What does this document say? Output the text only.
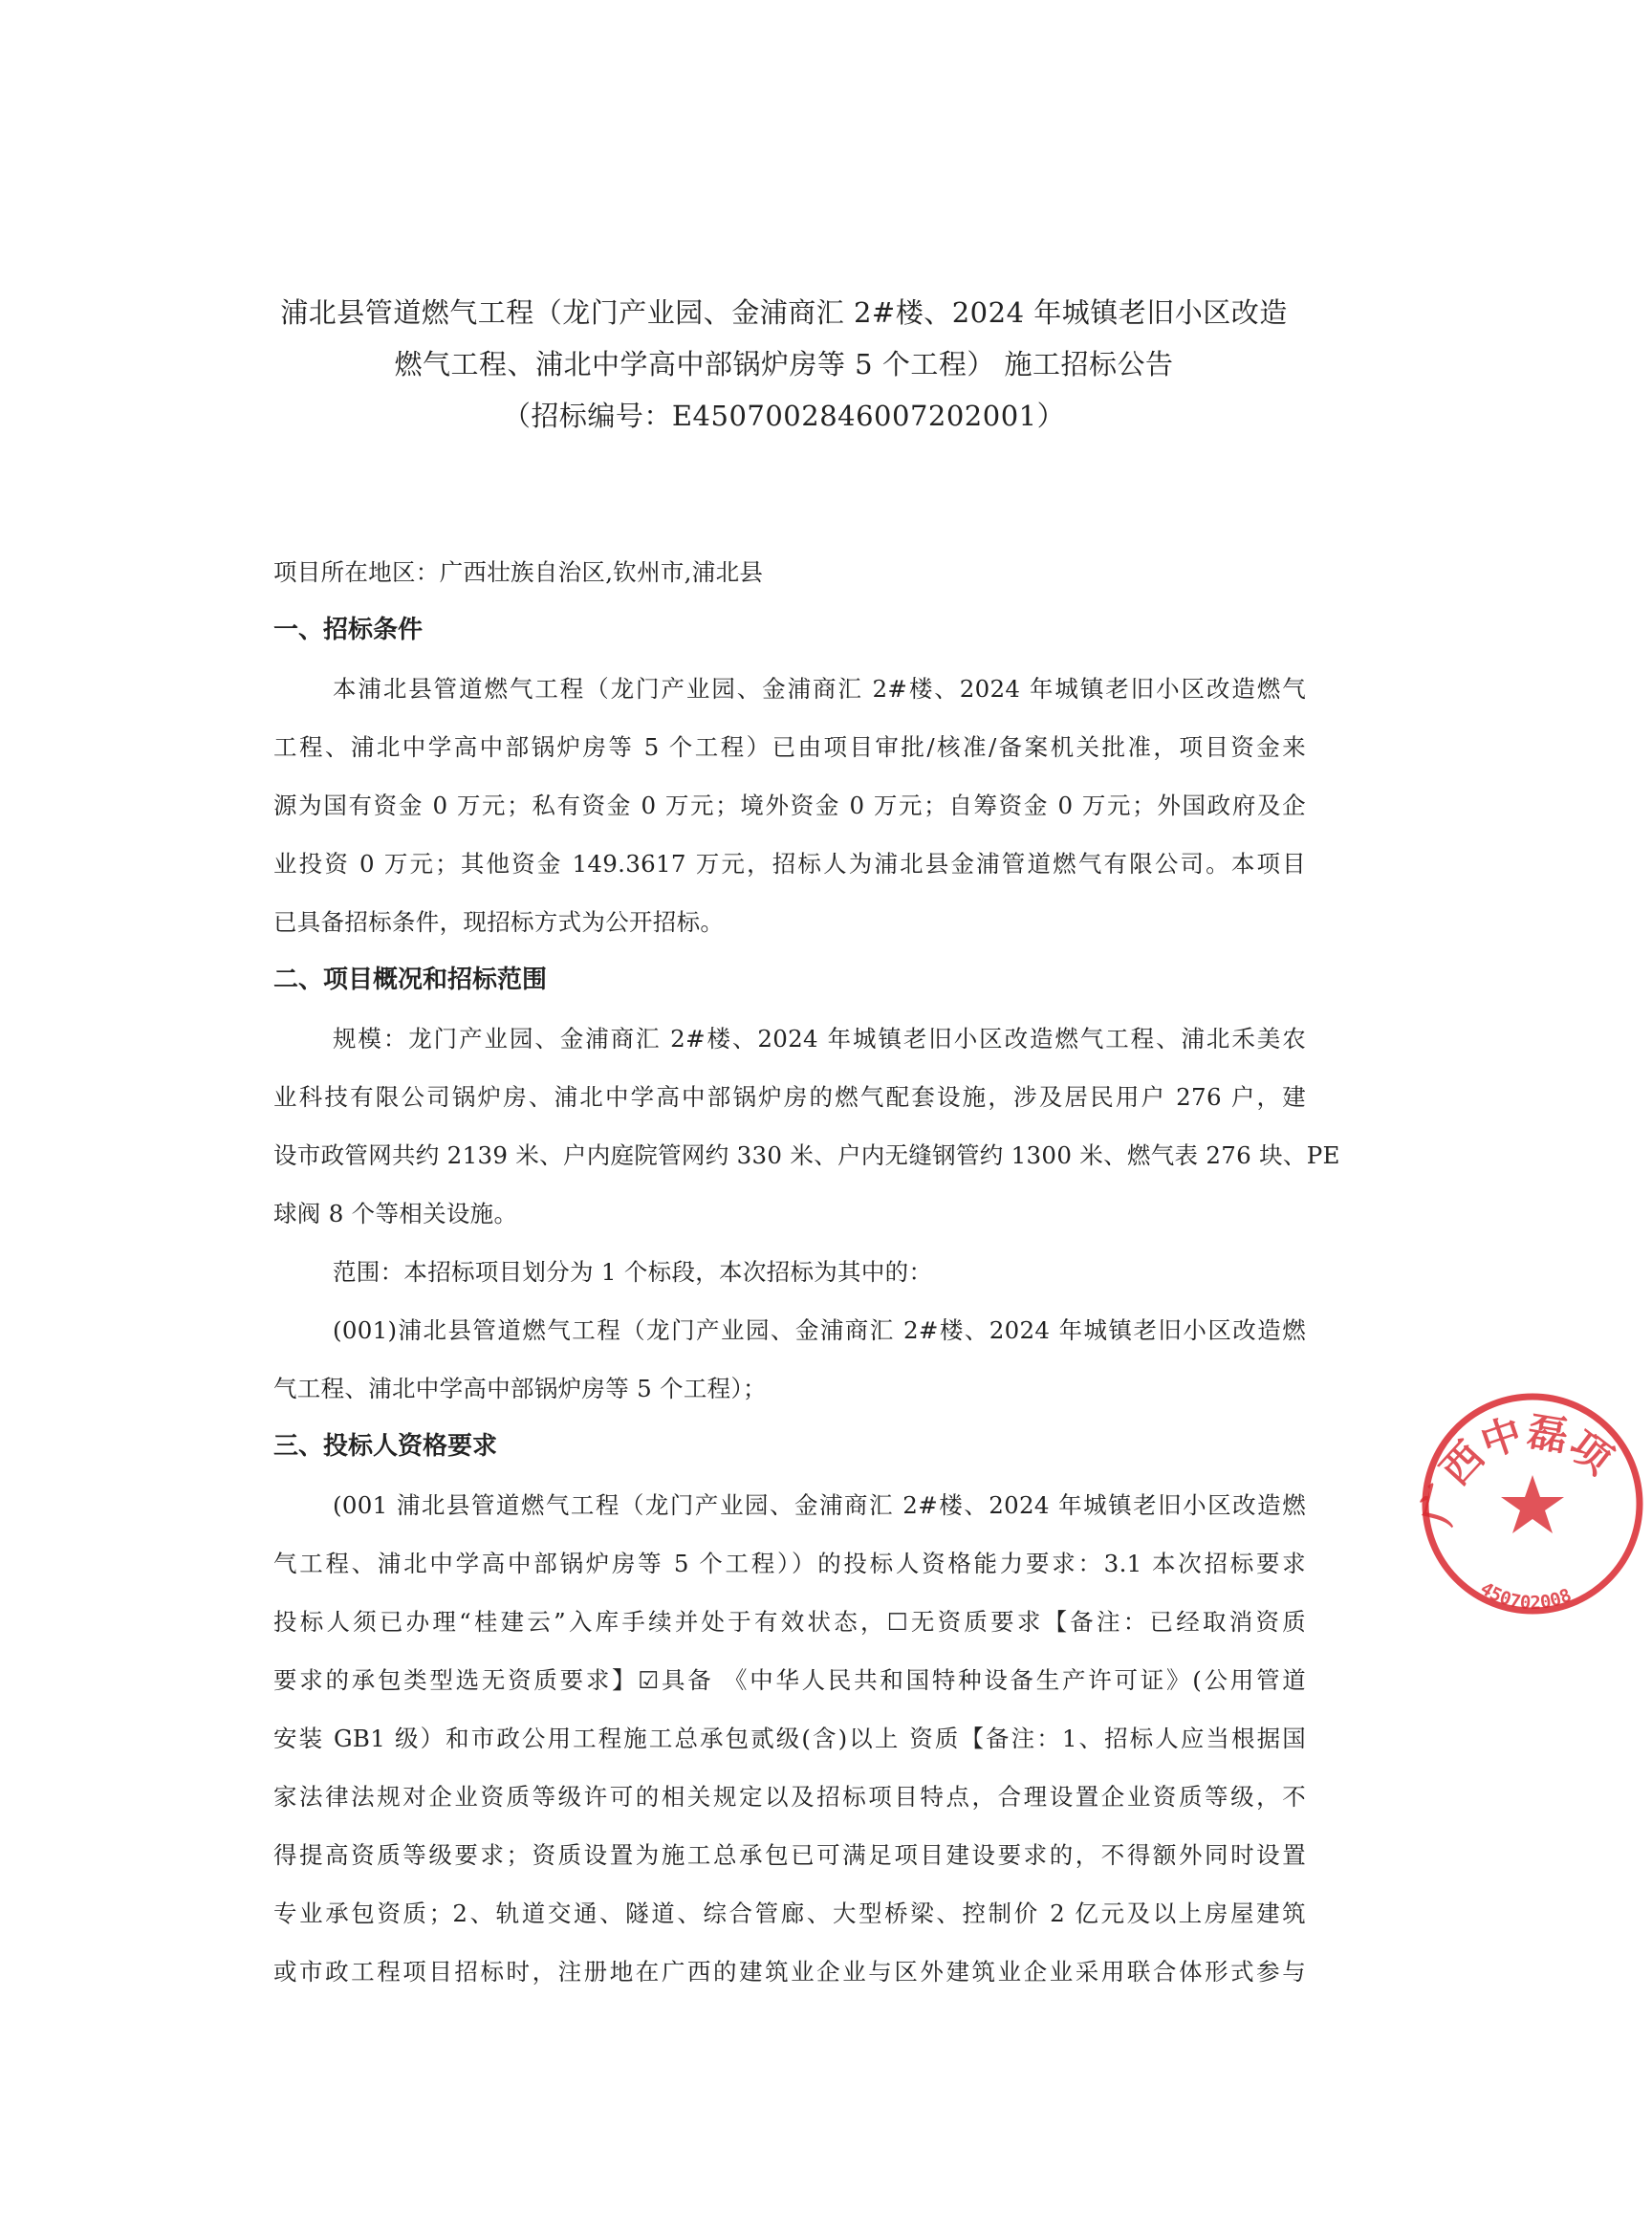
浦北县管道燃气工程（龙门产业园、金浦商汇 2#楼、2024 年城镇老旧小区改造
燃气工程、浦北中学高中部锅炉房等 5 个工程） 施工招标公告
（招标编号：E4507002846007202001）
项目所在地区：广西壮族自治区,钦州市,浦北县
一、招标条件
本浦北县管道燃气工程（龙门产业园、金浦商汇 2#楼、2024 年城镇老旧小区改造燃气
工程、浦北中学高中部锅炉房等 5 个工程）已由项目审批/核准/备案机关批准，项目资金来
源为国有资金 0 万元；私有资金 0 万元；境外资金 0 万元；自筹资金 0 万元；外国政府及企
业投资 0 万元；其他资金 149.3617 万元，招标人为浦北县金浦管道燃气有限公司。本项目
已具备招标条件，现招标方式为公开招标。
二、项目概况和招标范围
规模：龙门产业园、金浦商汇 2#楼、2024 年城镇老旧小区改造燃气工程、浦北禾美农
业科技有限公司锅炉房、浦北中学高中部锅炉房的燃气配套设施，涉及居民用户 276 户，建
设市政管网共约 2139 米、户内庭院管网约 330 米、户内无缝钢管约 1300 米、燃气表 276 块、PE
球阀 8 个等相关设施。
范围：本招标项目划分为 1 个标段，本次招标为其中的：
(001)浦北县管道燃气工程（龙门产业园、金浦商汇 2#楼、2024 年城镇老旧小区改造燃
气工程、浦北中学高中部锅炉房等 5 个工程）；
三、投标人资格要求
(001 浦北县管道燃气工程（龙门产业园、金浦商汇 2#楼、2024 年城镇老旧小区改造燃
气工程、浦北中学高中部锅炉房等 5 个工程））的投标人资格能力要求：3.1 本次招标要求
投标人须已办理“桂建云”入库手续并处于有效状态，☐无资质要求【备注：已经取消资质
要求的承包类型选无资质要求】☑具备 《中华人民共和国特种设备生产许可证》(公用管道
安装 GB1 级）和市政公用工程施工总承包贰级(含)以上 资质【备注：1、招标人应当根据国
家法律法规对企业资质等级许可的相关规定以及招标项目特点，合理设置企业资质等级，不
得提高资质等级要求；资质设置为施工总承包已可满足项目建设要求的，不得额外同时设置
专业承包资质；2、轨道交通、隧道、综合管廊、大型桥梁、控制价 2 亿元及以上房屋建筑
或市政工程项目招标时，注册地在广西的建筑业企业与区外建筑业企业采用联合体形式参与
广西中磊项
450702008
